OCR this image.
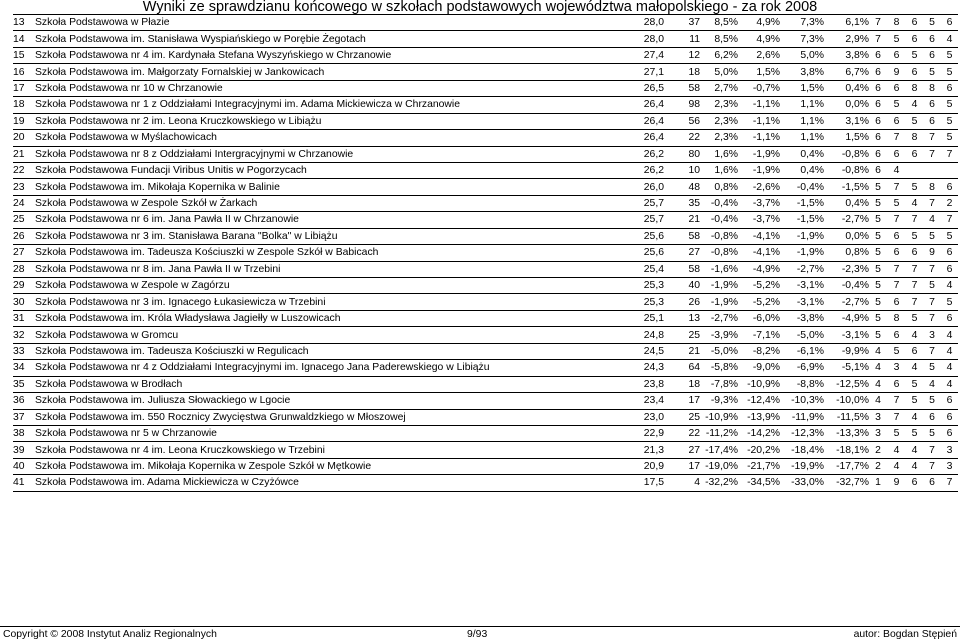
Wyniki ze sprawdzianu końcowego w szkołach podstawowych województwa małopolskiego - za rok 2008
13	Szkoła Podstawowa w Płazie	28,0	37	8,5%	4,9%	7,3%	6,1%	7	8	6	5	6
14	Szkoła Podstawowa im. Stanisława Wyspiańskiego w Porębie Żegotach	28,0	11	8,5%	4,9%	7,3%	2,9%	7	5	6	6	4
15	Szkoła Podstawowa nr 4 im. Kardynała Stefana Wyszyńskiego w Chrzanowie	27,4	12	6,2%	2,6%	5,0%	3,8%	6	6	5	6	5
16	Szkoła Podstawowa im. Małgorzaty Fornalskiej w Jankowicach	27,1	18	5,0%	1,5%	3,8%	6,7%	6	9	6	5	5
17	Szkoła Podstawowa nr 10 w Chrzanowie	26,5	58	2,7%	-0,7%	1,5%	0,4%	6	6	8	8	6
18	Szkoła Podstawowa nr 1 z Oddziałami Integracyjnymi im. Adama Mickiewicza w Chrzanowie	26,4	98	2,3%	-1,1%	1,1%	0,0%	6	5	4	6	5
19	Szkoła Podstawowa nr 2 im. Leona Kruczkowskiego w Libiążu	26,4	56	2,3%	-1,1%	1,1%	3,1%	6	6	5	6	5
20	Szkoła Podstawowa w Myślachowicach	26,4	22	2,3%	-1,1%	1,1%	1,5%	6	7	8	7	5
21	Szkoła Podstawowa nr 8 z Oddziałami Intergracyjnymi w Chrzanowie	26,2	80	1,6%	-1,9%	0,4%	-0,8%	6	6	6	7	7
22	Szkoła Podstawowa Fundacji Viribus Unitis w Pogorzycach	26,2	10	1,6%	-1,9%	0,4%	-0,8%	6	4			
23	Szkoła Podstawowa im. Mikołaja Kopernika w Balinie	26,0	48	0,8%	-2,6%	-0,4%	-1,5%	5	7	5	8	6
24	Szkoła Podstawowa w Zespole Szkół w Żarkach	25,7	35	-0,4%	-3,7%	-1,5%	0,4%	5	5	4	7	2
25	Szkoła Podstawowa nr 6 im. Jana Pawła II w Chrzanowie	25,7	21	-0,4%	-3,7%	-1,5%	-2,7%	5	7	7	4	7
26	Szkoła Podstawowa nr 3 im. Stanisława Barana "Bolka" w Libiążu	25,6	58	-0,8%	-4,1%	-1,9%	0,0%	5	6	5	5	5
27	Szkoła Podstawowa im. Tadeusza Kościuszki w Zespole Szkół w Babicach	25,6	27	-0,8%	-4,1%	-1,9%	0,8%	5	6	6	9	6
28	Szkoła Podstawowa nr 8 im. Jana Pawła II w Trzebini	25,4	58	-1,6%	-4,9%	-2,7%	-2,3%	5	7	7	7	6
29	Szkoła Podstawowa w Zespole w Zagórzu	25,3	40	-1,9%	-5,2%	-3,1%	-0,4%	5	7	7	5	4
30	Szkoła Podstawowa nr 3 im. Ignacego Łukasiewicza w Trzebini	25,3	26	-1,9%	-5,2%	-3,1%	-2,7%	5	6	7	7	5
31	Szkoła Podstawowa im. Króla Władysława Jagiełły w Luszowicach	25,1	13	-2,7%	-6,0%	-3,8%	-4,9%	5	8	5	7	6
32	Szkoła Podstawowa w Gromcu	24,8	25	-3,9%	-7,1%	-5,0%	-3,1%	5	6	4	3	4
33	Szkoła Podstawowa im. Tadeusza Kościuszki w Regulicach	24,5	21	-5,0%	-8,2%	-6,1%	-9,9%	4	5	6	7	4
34	Szkoła Podstawowa nr 4 z Oddziałami Integracyjnymi im. Ignacego Jana Paderewskiego w Libiążu	24,3	64	-5,8%	-9,0%	-6,9%	-5,1%	4	3	4	5	4
35	Szkoła Podstawowa w Brodłach	23,8	18	-7,8%	-10,9%	-8,8%	-12,5%	4	6	5	4	4
36	Szkoła Podstawowa im. Juliusza Słowackiego w Lgocie	23,4	17	-9,3%	-12,4%	-10,3%	-10,0%	4	7	5	5	6
37	Szkoła Podstawowa im. 550 Rocznicy Zwycięstwa Grunwaldzkiego w Młoszowej	23,0	25	-10,9%	-13,9%	-11,9%	-11,5%	3	7	4	6	6
38	Szkoła Podstawowa nr 5 w Chrzanowie	22,9	22	-11,2%	-14,2%	-12,3%	-13,3%	3	5	5	5	6
39	Szkoła Podstawowa nr 4 im. Leona Kruczkowskiego w Trzebini	21,3	27	-17,4%	-20,2%	-18,4%	-18,1%	2	4	4	7	3
40	Szkoła Podstawowa im. Mikołaja Kopernika w Zespole Szkół w Mętkowie	20,9	17	-19,0%	-21,7%	-19,9%	-17,7%	2	4	4	7	3
41	Szkoła Podstawowa im. Adama Mickiewicza w Czyżówce	17,5	4	-32,2%	-34,5%	-33,0%	-32,7%	1	9	6	6	7
Copyright © 2008 Instytut Analiz Regionalnych	9/93	autor: Bogdan Stępień
